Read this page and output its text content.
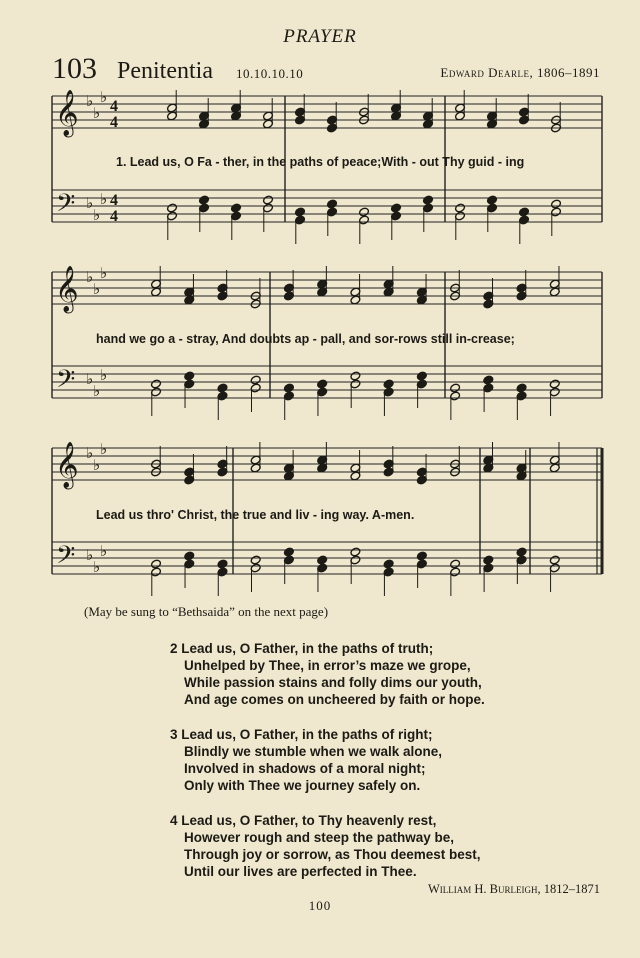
PRAYER
103 Penitentia 10.10.10.10	Edward Dearle, 1806–1891
𝄞 ♭
♭
♭
4
4
𝄢 ♭
♭
♭ 4
4
𝄞 ♭
♭
♭
𝄢 ♭
♭
♭
𝄞 ♭
♭
♭
𝄢 ♭
♭
♭
1. Lead us, O Fa - ther, in the paths of peace;With - out Thy guid - ing
hand we go a - stray, And doubts ap - pall, and sor-rows still in-crease;
Lead us thro' Christ, the true and liv - ing way. A-men.
(May be sung to “Bethsaida” on the next page)
2 Lead us, O Father, in the paths of truth;
Unhelped by Thee, in error’s maze we grope,
While passion stains and folly dims our youth,
And age comes on uncheered by faith or hope.
3 Lead us, O Father, in the paths of right;
Blindly we stumble when we walk alone,
Involved in shadows of a moral night;
Only with Thee we journey safely on.
4 Lead us, O Father, to Thy heavenly rest,
However rough and steep the pathway be,
Through joy or sorrow, as Thou deemest best,
Until our lives are perfected in Thee.
William H. Burleigh, 1812–1871
100
